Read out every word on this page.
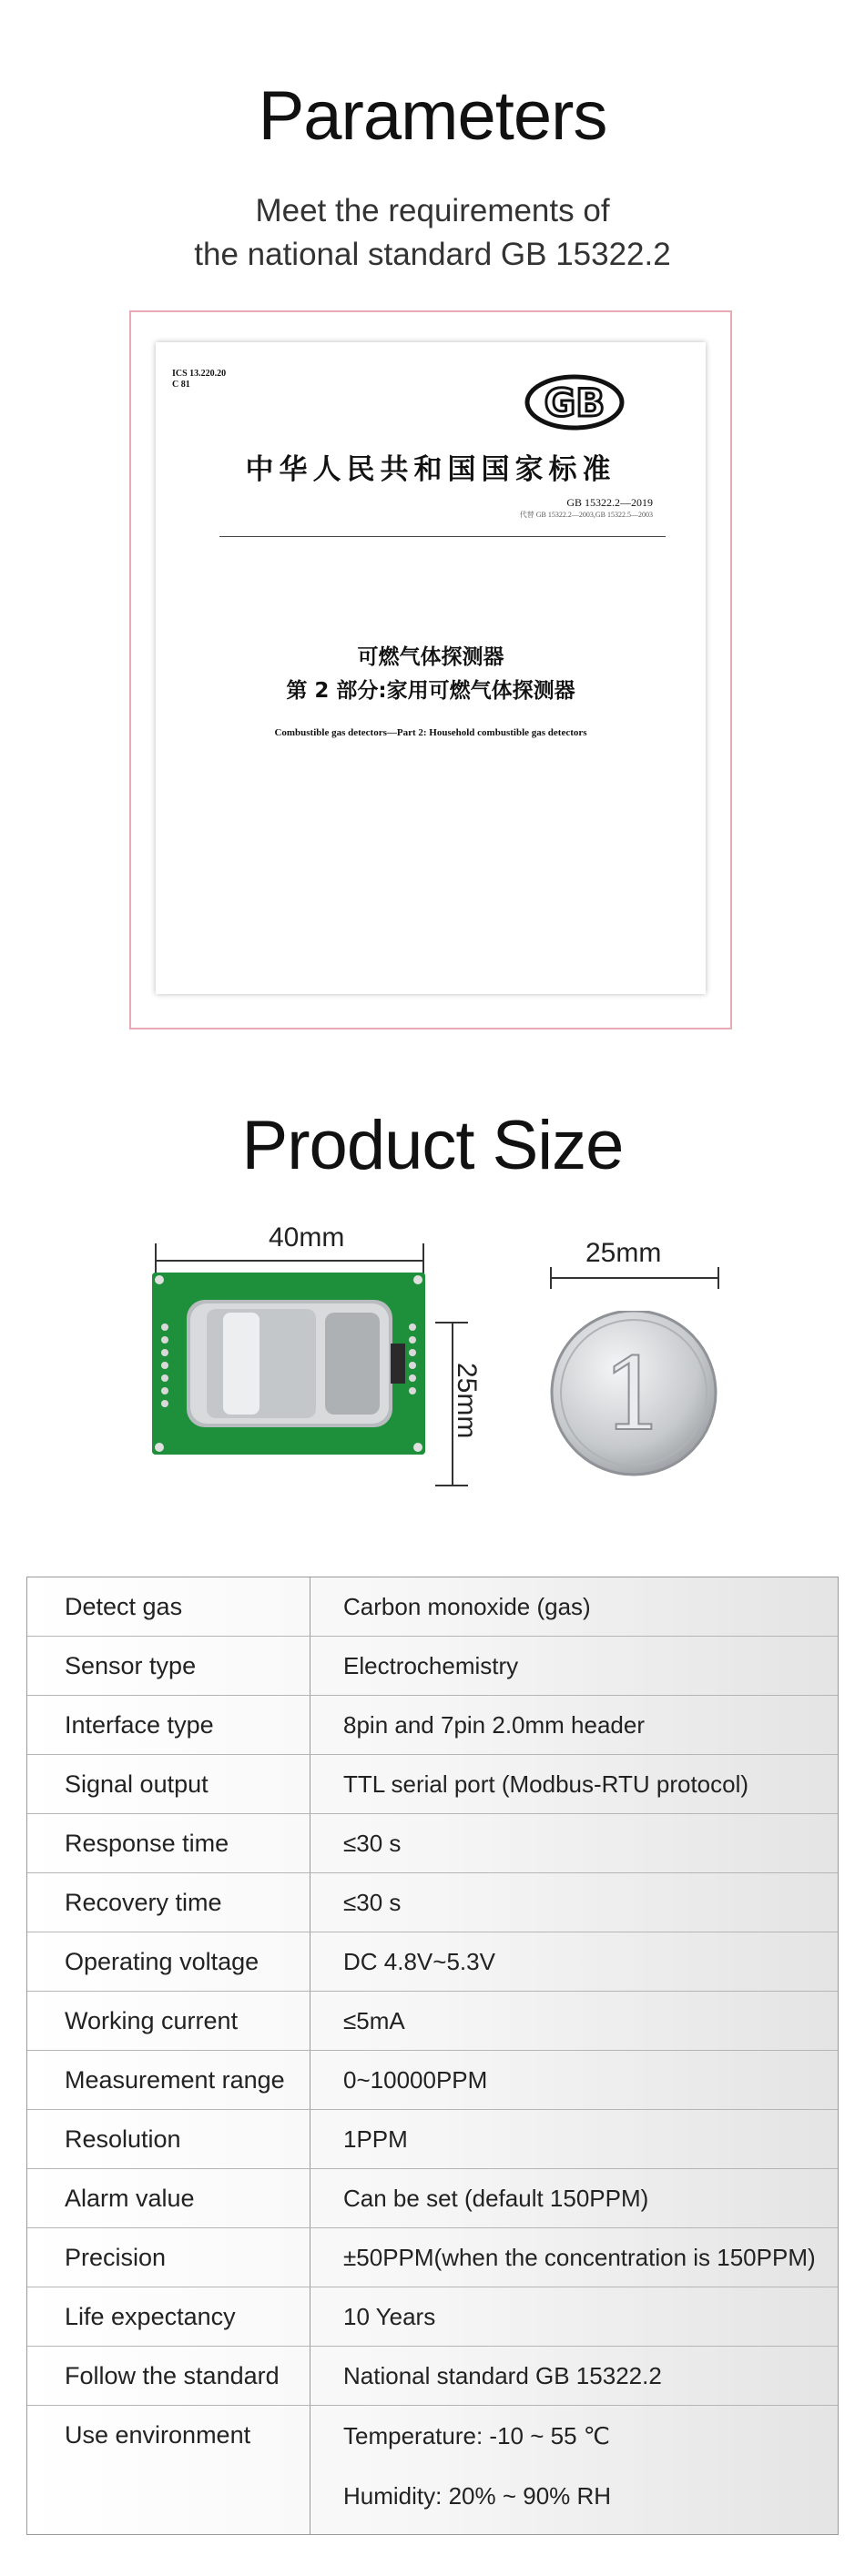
Parameters
Meet the requirements of
the national standard GB 15322.2
ICS 13.220.20
C 81	GB
中华人民共和国国家标准
GB 15322.2—2019
代替 GB 15322.2—2003,GB 15322.5—2003
可燃气体探测器
第 2 部分:家用可燃气体探测器
Combustible gas detectors—Part 2: Household combustible gas detectors
Product Size
40mm
25mm
25mm
1
Detect gas	Carbon monoxide (gas)
Sensor type	Electrochemistry
Interface type	8pin and 7pin 2.0mm header
Signal output	TTL serial port (Modbus-RTU protocol)
Response time	≤30 s
Recovery time	≤30 s
Operating voltage	DC 4.8V~5.3V
Working current	≤5mA
Measurement range	0~10000PPM
Resolution	1PPM
Alarm value	Can be set (default 150PPM)
Precision	±50PPM(when the concentration is 150PPM)
Life expectancy	10 Years
Follow the standard	National standard GB 15322.2
Use environment	Temperature: -10 ~ 55 ℃
Humidity: 20% ~ 90% RH
